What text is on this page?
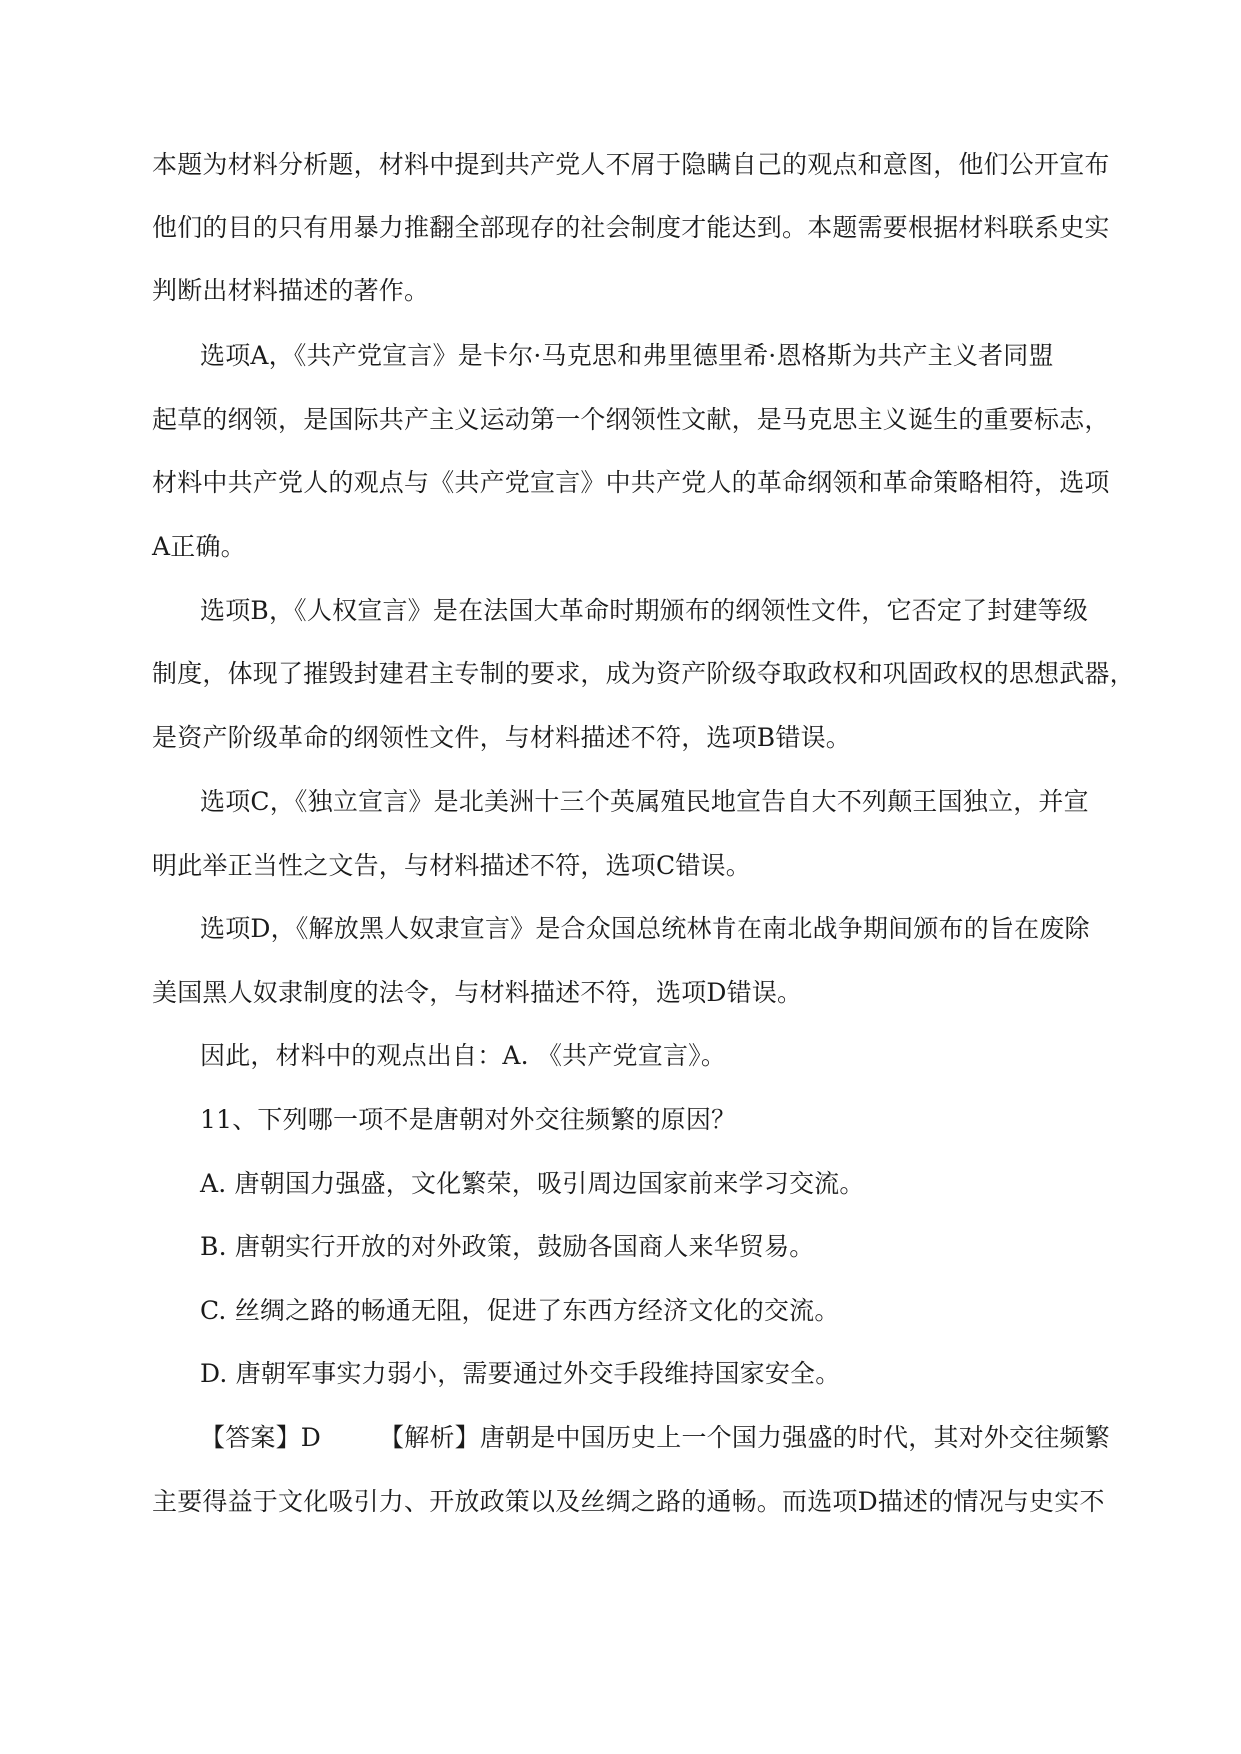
本题为材料分析题，材料中提到共产党人不屑于隐瞒自己的观点和意图，他们公开宣布
他们的目的只有用暴力推翻全部现存的社会制度才能达到。本题需要根据材料联系史实
判断出材料描述的著作。
选项A，《共产党宣言》是卡尔·马克思和弗里德里希·恩格斯为共产主义者同盟
起草的纲领，是国际共产主义运动第一个纲领性文献，是马克思主义诞生的重要标志，
材料中共产党人的观点与《共产党宣言》中共产党人的革命纲领和革命策略相符，选项
A正确。
选项B，《人权宣言》是在法国大革命时期颁布的纲领性文件，它否定了封建等级
制度，体现了摧毁封建君主专制的要求，成为资产阶级夺取政权和巩固政权的思想武器，
是资产阶级革命的纲领性文件，与材料描述不符，选项B错误。
选项C，《独立宣言》是北美洲十三个英属殖民地宣告自大不列颠王国独立，并宣
明此举正当性之文告，与材料描述不符，选项C错误。
选项D，《解放黑人奴隶宣言》是合众国总统林肯在南北战争期间颁布的旨在废除
美国黑人奴隶制度的法令，与材料描述不符，选项D错误。
因此，材料中的观点出自：A. 《共产党宣言》。
11、下列哪一项不是唐朝对外交往频繁的原因？
A. 唐朝国力强盛，文化繁荣，吸引周边国家前来学习交流。
B. 唐朝实行开放的对外政策，鼓励各国商人来华贸易。
C. 丝绸之路的畅通无阻，促进了东西方经济文化的交流。
D. 唐朝军事实力弱小，需要通过外交手段维持国家安全。
【答案】D 【解析】唐朝是中国历史上一个国力强盛的时代，其对外交往频繁
主要得益于文化吸引力、开放政策以及丝绸之路的通畅。而选项D描述的情况与史实不
